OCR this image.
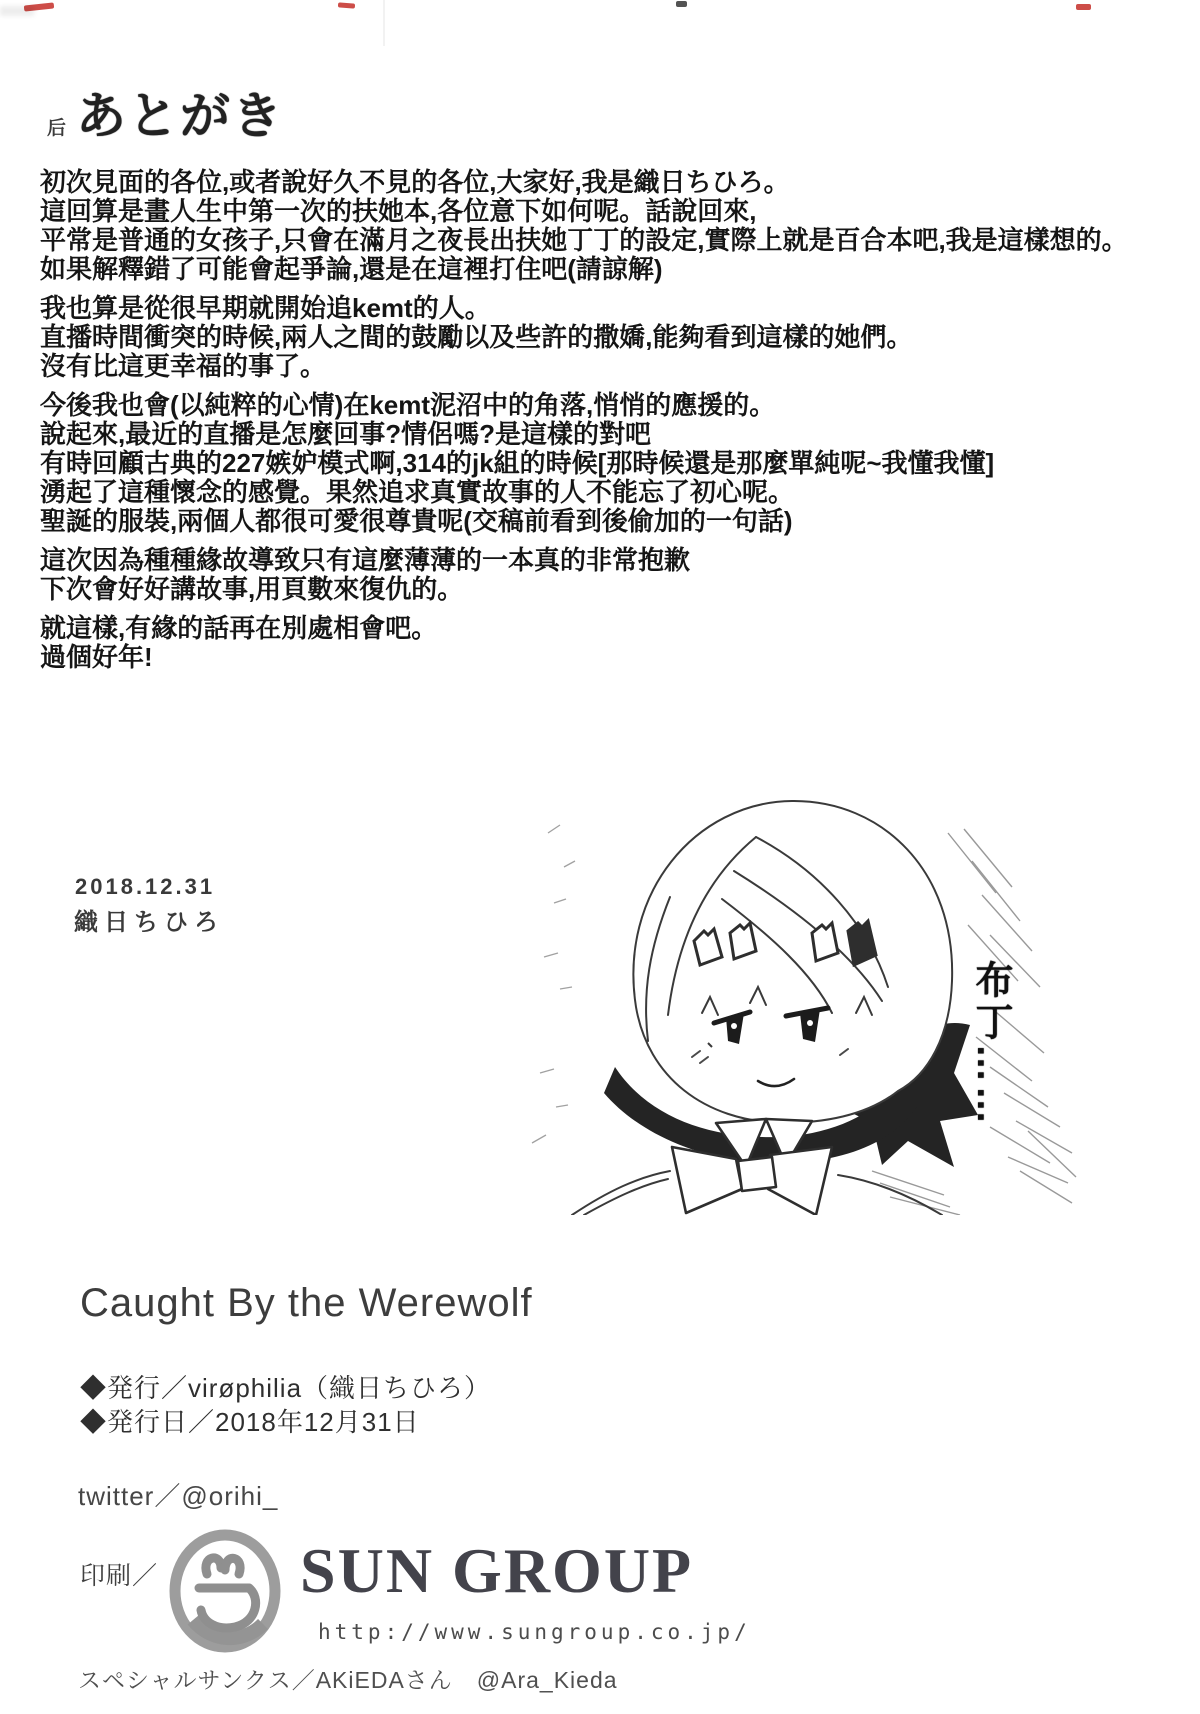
后 あとがき
初次見面的各位,或者說好久不見的各位,大家好,我是織日ちひろ。
這回算是畫人生中第一次的扶她本,各位意下如何呢。話說回來,
平常是普通的女孩子,只會在滿月之夜長出扶她丁丁的設定,實際上就是百合本吧,我是這樣想的。
如果解釋錯了可能會起爭論,還是在這裡打住吧(請諒解)
我也算是從很早期就開始追kemt的人。
直播時間衝突的時候,兩人之間的鼓勵以及些許的撒嬌,能夠看到這樣的她們。
沒有比這更幸福的事了。
今後我也會(以純粹的心情)在kemt泥沼中的角落,悄悄的應援的。
說起來,最近的直播是怎麼回事?情侶嗎?是這樣的對吧
有時回顧古典的227嫉妒模式啊,314的jk組的時候[那時候還是那麼單純呢~我懂我懂]
湧起了這種懷念的感覺。果然追求真實故事的人不能忘了初心呢。
聖誕的服裝,兩個人都很可愛很尊貴呢(交稿前看到後偷加的一句話)
這次因為種種緣故導致只有這麼薄薄的一本真的非常抱歉
下次會好好講故事,用頁數來復仇的。
就這樣,有緣的話再在別處相會吧。
過個好年!
2018.12.31
織日ちひろ
布丁……
Caught By the Werewolf
◆発行／virøphilia（織日ちひろ）
◆発行日／2018年12月31日
twitter／@orihi_
印刷／ SUN GROUP
http://www.sungroup.co.jp/
スペシャルサンクス／AKiEDAさん　@Ara_Kieda
